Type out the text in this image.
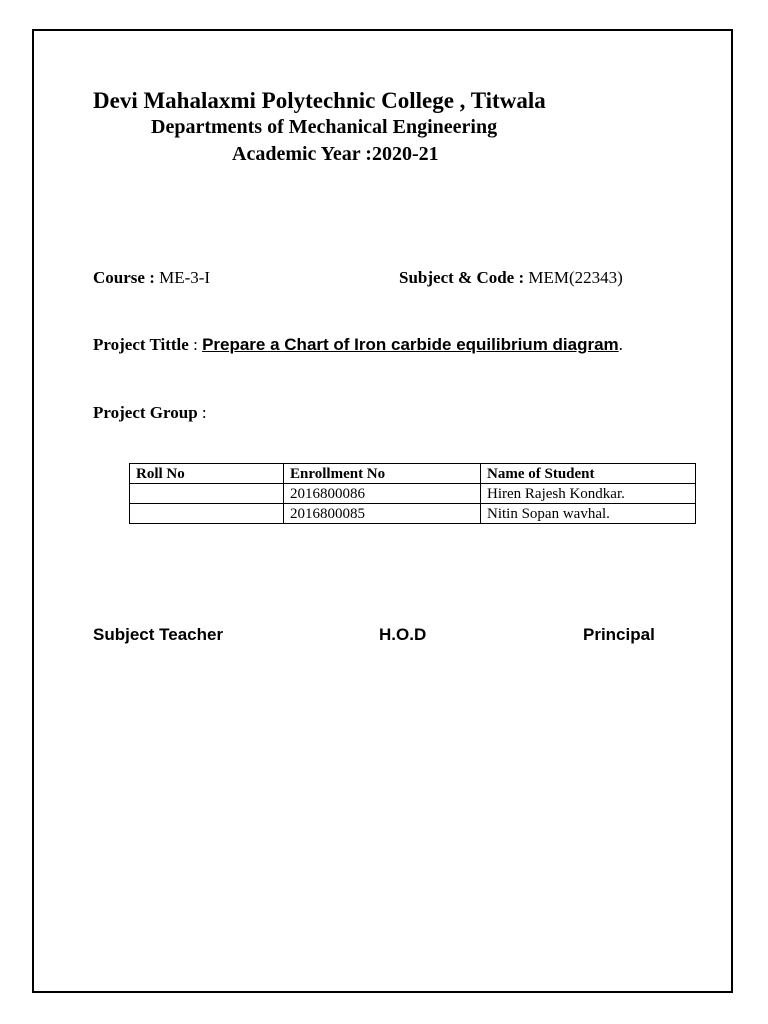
Devi Mahalaxmi Polytechnic College , Titwala
Departments of Mechanical Engineering
Academic Year :2020-21
Course : ME-3-I	Subject & Code : MEM(22343)
Project Tittle : Prepare a Chart of Iron carbide equilibrium diagram.
Project Group :
Roll No	Enrollment No	Name of Student
	2016800086	Hiren Rajesh Kondkar.
	2016800085	Nitin Sopan wavhal.
Subject Teacher	H.O.D	Principal
